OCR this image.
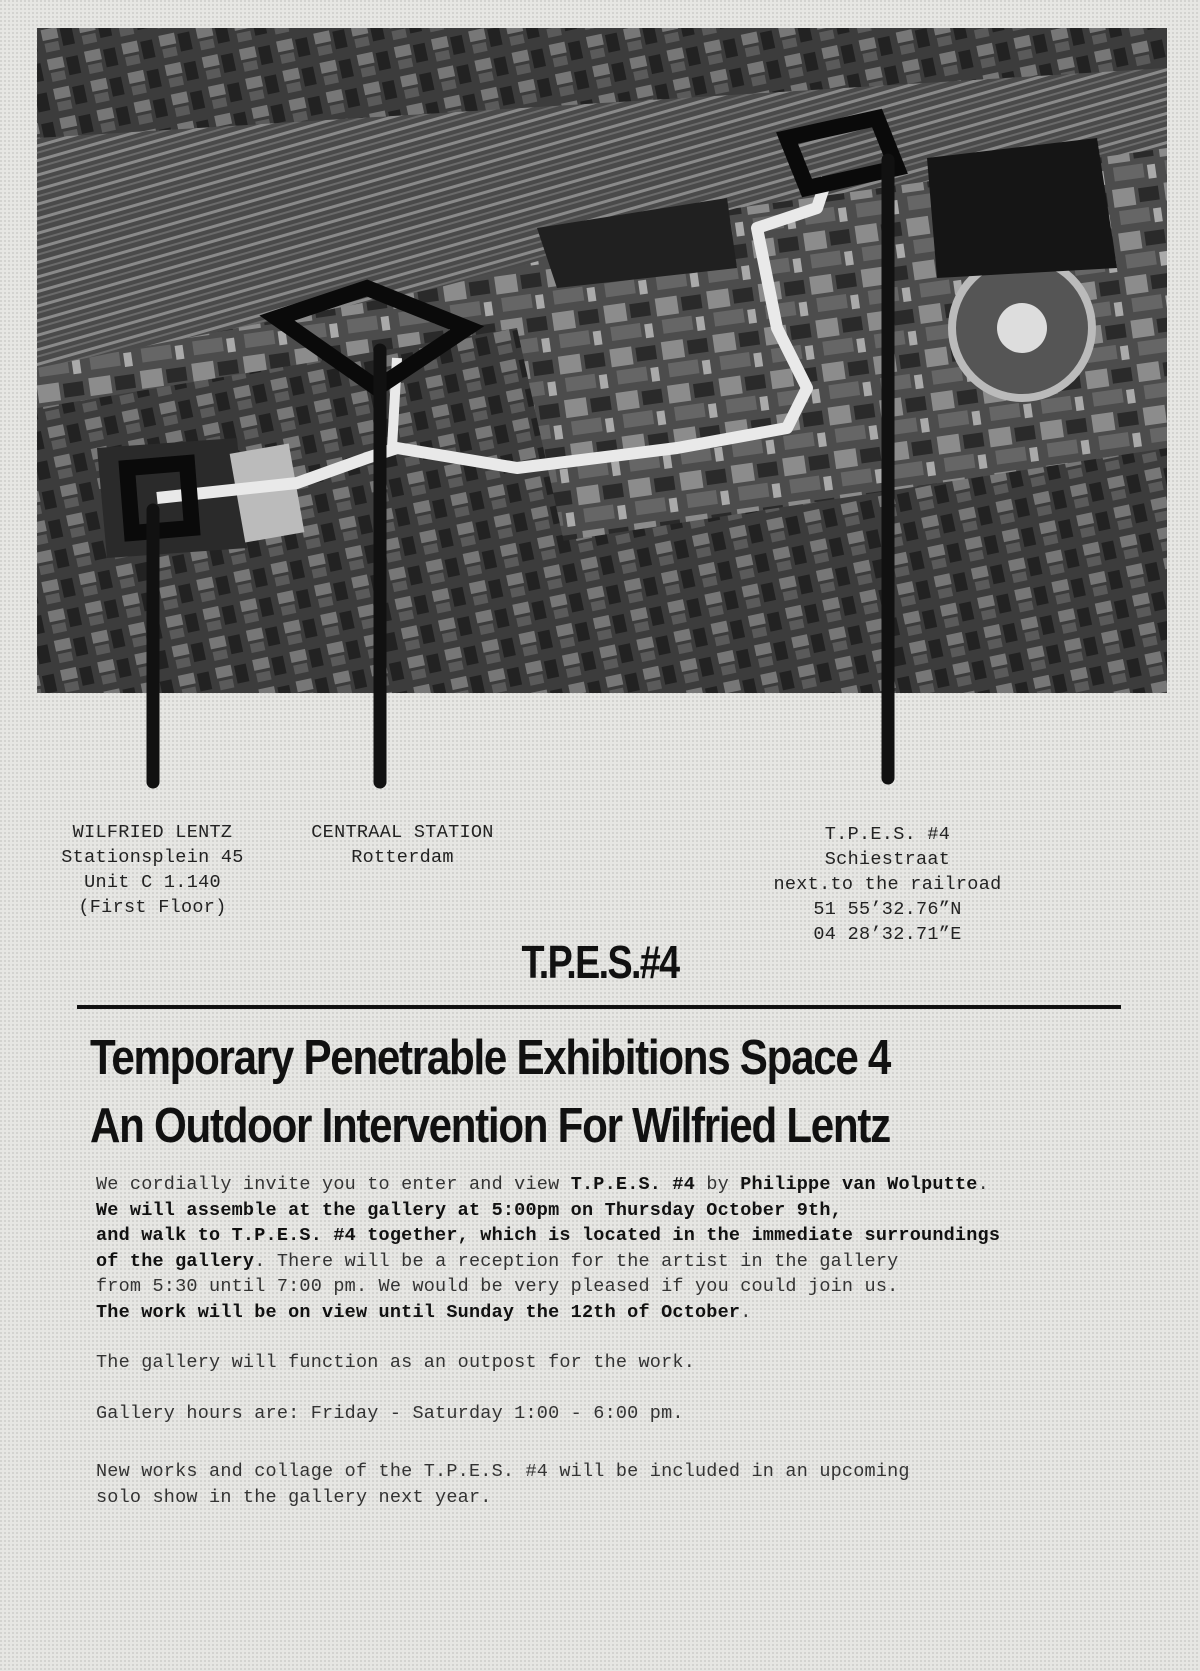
WILFRIED LENTZ
Stationsplein 45
Unit C 1.140
(First Floor)
CENTRAAL STATION
Rotterdam
T.P.E.S. #4
Schiestraat
next.to the railroad
51 55’32.76”N
04 28’32.71”E
T.P.E.S.#4
Temporary Penetrable Exhibitions Space 4
An Outdoor Intervention For Wilfried Lentz
We cordially invite you to enter and view T.P.E.S. #4 by Philippe van Wolputte.
We will assemble at the gallery at 5:00pm on Thursday October 9th,
and walk to T.P.E.S. #4 together, which is located in the immediate surroundings
of the gallery. There will be a reception for the artist in the gallery
from 5:30 until 7:00 pm. We would be very pleased if you could join us.
The work will be on view until Sunday the 12th of October.
The gallery will function as an outpost for the work.
Gallery hours are: Friday - Saturday 1:00 - 6:00 pm.
New works and collage of the T.P.E.S. #4 will be included in an upcoming
solo show in the gallery next year.
